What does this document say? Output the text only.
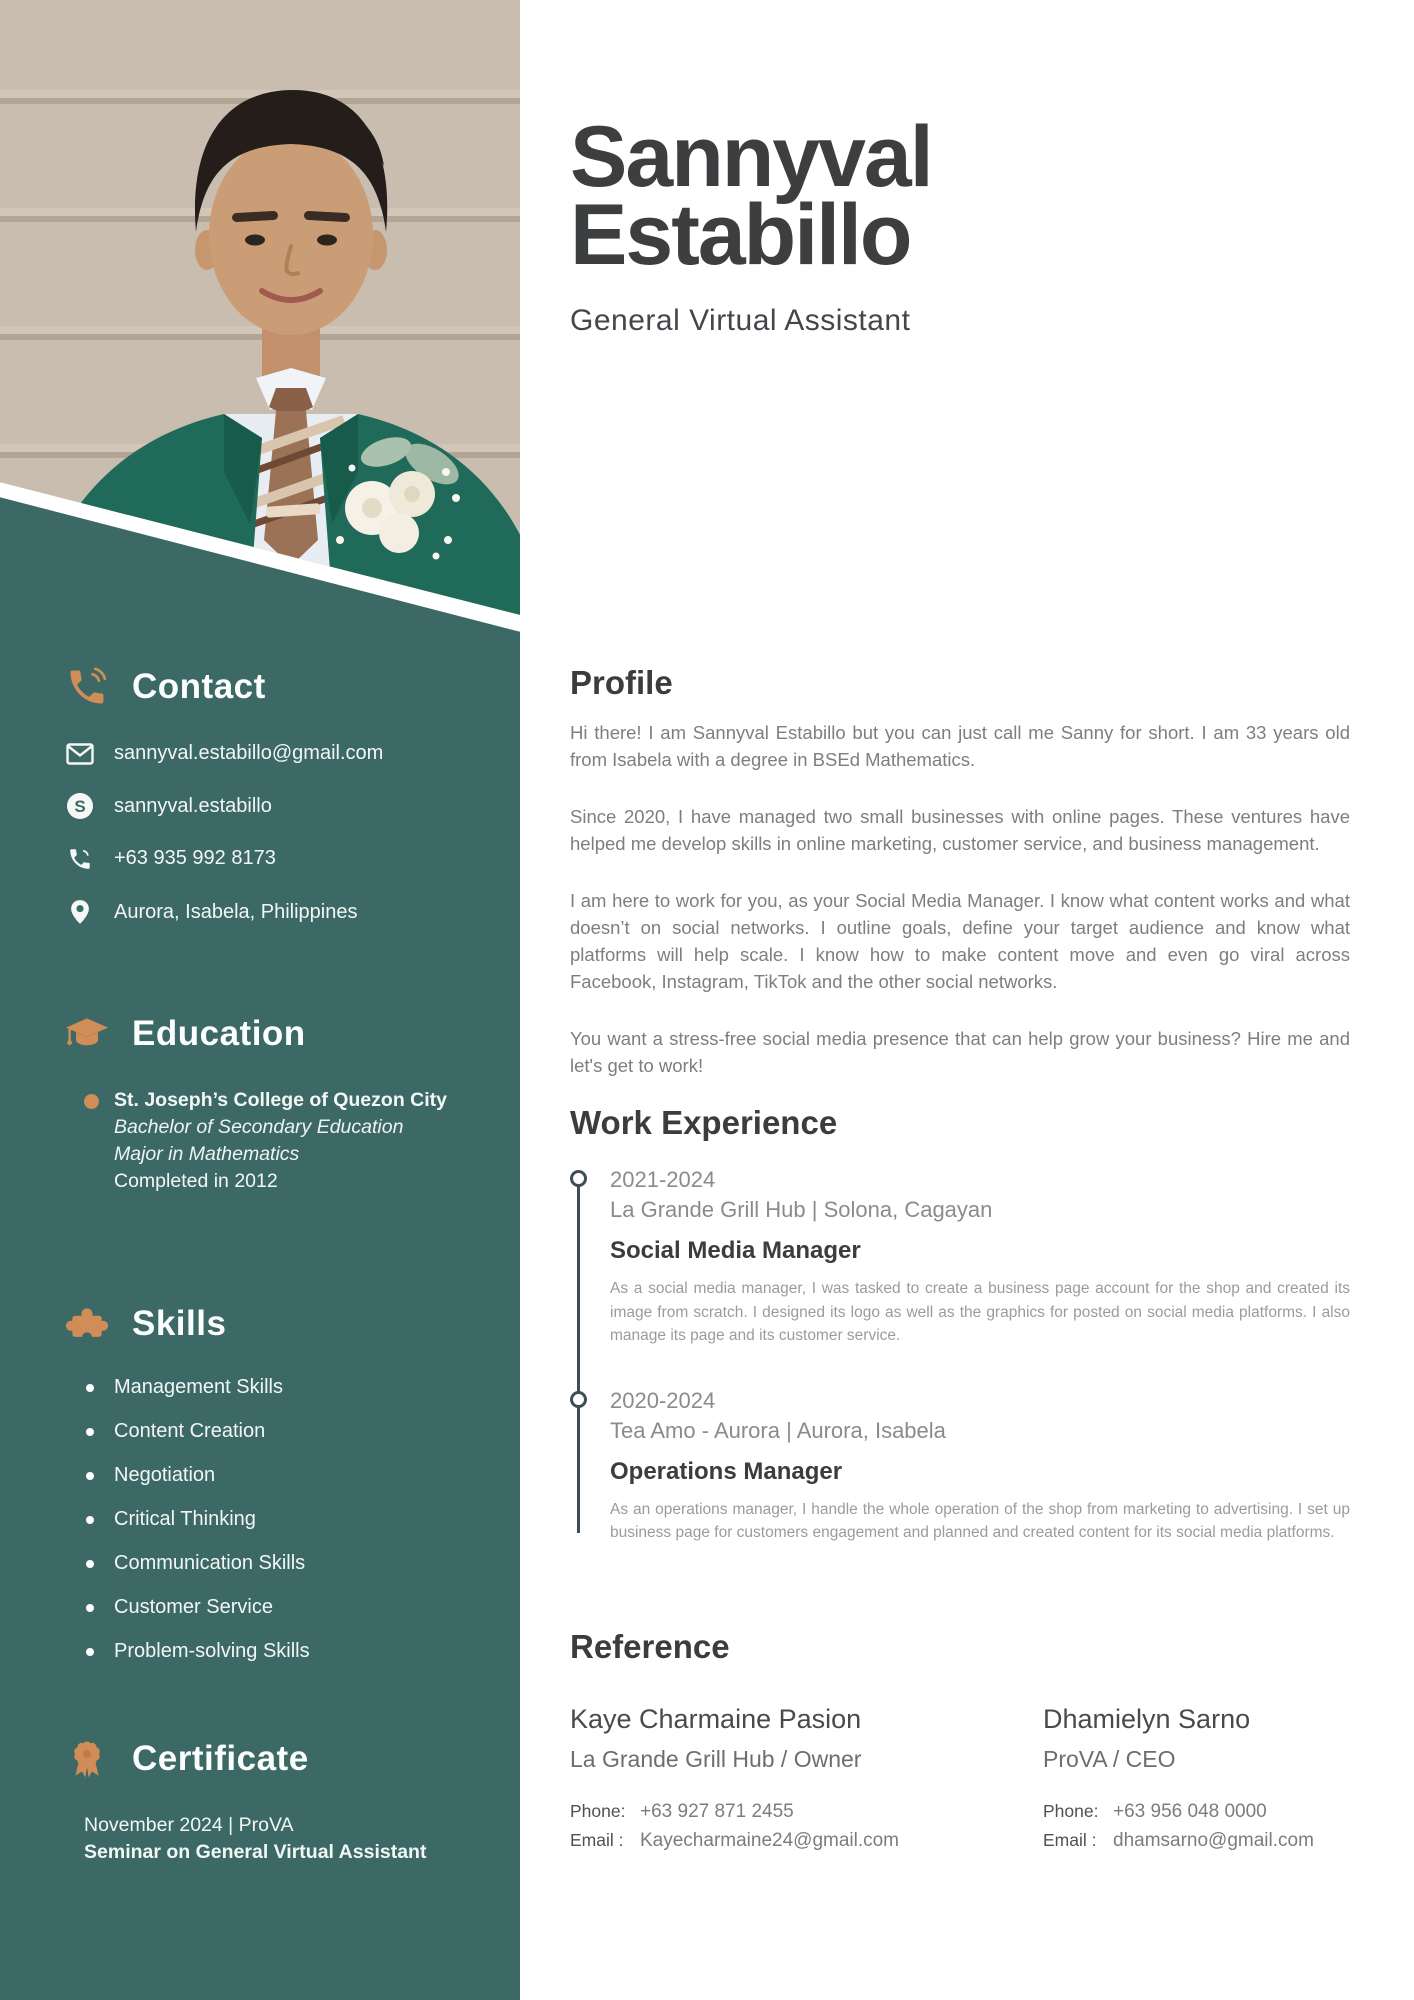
Contact
sannyval.estabillo@gmail.com
S sannyval.estabillo
+63 935 992 8173
Aurora, Isabela, Philippines
Education
St. Joseph’s College of Quezon City
Bachelor of Secondary Education
Major in Mathematics
Completed in 2012
Skills
Management Skills
Content Creation
Negotiation
Critical Thinking
Communication Skills
Customer Service
Problem-solving Skills
Certificate
November 2024 | ProVA
Seminar on General Virtual Assistant
Sannyval
Estabillo
General Virtual Assistant
Profile

Hi there! I am Sannyval Estabillo but you can just call me Sanny for short. I am 33 years old from Isabela with a degree in BSEd Mathematics.

Since 2020, I have managed two small businesses with online pages. These ventures have helped me develop skills in online marketing, customer service, and business management.

I am here to work for you, as your Social Media Manager. I know what content works and what doesn’t on social networks. I outline goals, define your target audience and know what platforms will help scale. I know how to make content move and even go viral across Facebook, Instagram, TikTok and the other social networks.

You want a stress-free social media presence that can help grow your business? Hire me and let's get to work!

Work Experience
2021-2024
La Grande Grill Hub | Solona, Cagayan
Social Media Manager

As a social media manager, I was tasked to create a business page account for the shop and created its image from scratch. I designed its logo as well as the graphics for posted on social media platforms. I also manage its page and its customer service.

2020-2024
Tea Amo - Aurora | Aurora, Isabela
Operations Manager

As an operations manager, I handle the whole operation of the shop from marketing to advertising. I set up business page for customers engagement and planned and created content for its social media platforms.

Reference
Kaye Charmaine Pasion
La Grande Grill Hub / Owner
Phone: +63 927 871 2455
Email : Kayecharmaine24@gmail.com
Dhamielyn Sarno
ProVA / CEO
Phone: +63 956 048 0000
Email : dhamsarno@gmail.com
